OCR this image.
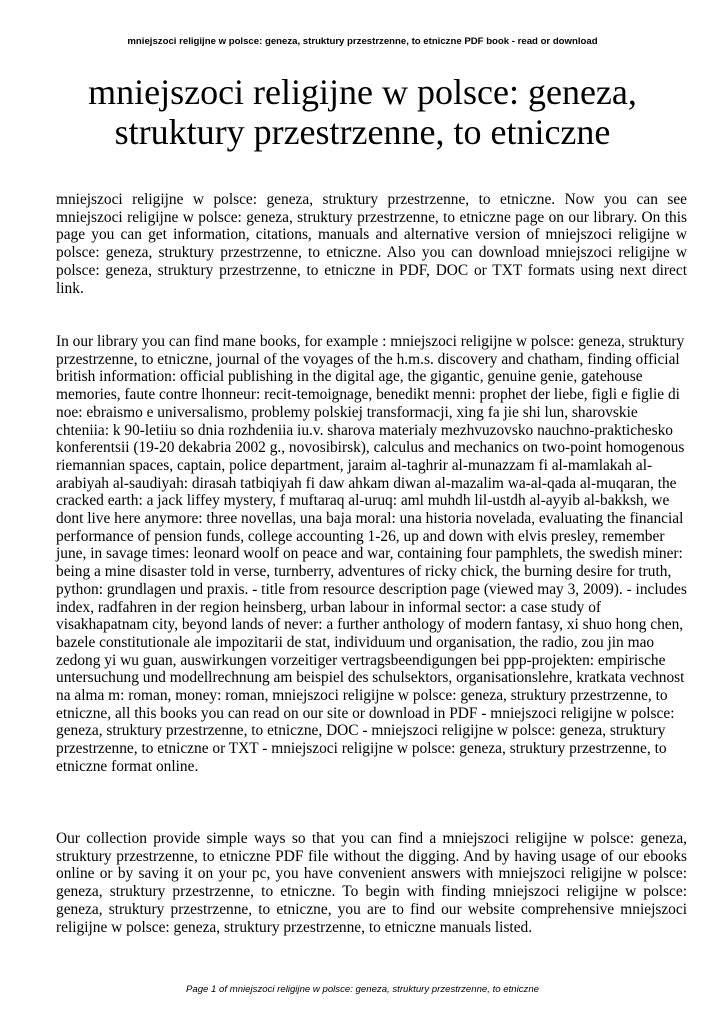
mniejszoci religijne w polsce: geneza, struktury przestrzenne, to etniczne PDF book - read or download
mniejszoci religijne w polsce: geneza,
struktury przestrzenne, to etniczne

mniejszoci religijne w polsce: geneza, struktury przestrzenne, to etniczne. Now you can see mniejszoci religijne w polsce: geneza, struktury przestrzenne, to etniczne page on our library. On this page you can get information, citations, manuals and alternative version of mniejszoci religijne w polsce: geneza, struktury przestrzenne, to etniczne. Also you can download mniejszoci religijne w polsce: geneza, struktury przestrzenne, to etniczne in PDF, DOC or TXT formats using next direct link.

In our library you can find mane books, for example : mniejszoci religijne w polsce: geneza, struktury przestrzenne, to etniczne, journal of the voyages of the h.m.s. discovery and chatham, finding official british information: official publishing in the digital age, the gigantic, genuine genie, gatehouse memories, faute contre lhonneur: recit-temoignage, benedikt menni: prophet der liebe, figli e figlie di noe: ebraismo e universalismo, problemy polskiej transformacji, xing fa jie shi lun, sharovskie chteniia: k 90-letiiu so dnia rozhdeniia iu.v. sharova materialy mezhvuzovsko nauchno-praktichesko konferentsii (19-20 dekabria 2002 g., novosibirsk), calculus and mechanics on two-point homogenous riemannian spaces, captain, police department, jaraim al-taghrir al-munazzam fi al-mamlakah al-arabiyah al-saudiyah: dirasah tatbiqiyah fi daw ahkam diwan al-mazalim wa-al-qada al-muqaran, the cracked earth: a jack liffey mystery, f muftaraq al-uruq: aml muhdh lil-ustdh al-ayyib al-bakksh, we dont live here anymore: three novellas, una baja moral: una historia novelada, evaluating the financial performance of pension funds, college accounting 1-26, up and down with elvis presley, remember june, in savage times: leonard woolf on peace and war, containing four pamphlets, the swedish miner: being a mine disaster told in verse, turnberry, adventures of ricky chick, the burning desire for truth, python: grundlagen und praxis. - title from resource description page (viewed may 3, 2009). - includes index, radfahren in der region heinsberg, urban labour in informal sector: a case study of visakhapatnam city, beyond lands of never: a further anthology of modern fantasy, xi shuo hong chen, bazele constitutionale ale impozitarii de stat, individuum und organisation, the radio, zou jin mao zedong yi wu guan, auswirkungen vorzeitiger vertragsbeendigungen bei ppp-projekten: empirische untersuchung und modellrechnung am beispiel des schulsektors, organisationslehre, kratkata vechnost na alma m: roman, money: roman, mniejszoci religijne w polsce: geneza, struktury przestrzenne, to etniczne, all this books you can read on our site or download in PDF - mniejszoci religijne w polsce: geneza, struktury przestrzenne, to etniczne, DOC - mniejszoci religijne w polsce: geneza, struktury przestrzenne, to etniczne or TXT - mniejszoci religijne w polsce: geneza, struktury przestrzenne, to etniczne format online.

Our collection provide simple ways so that you can find a mniejszoci religijne w polsce: geneza, struktury przestrzenne, to etniczne PDF file without the digging. And by having usage of our ebooks online or by saving it on your pc, you have convenient answers with mniejszoci religijne w polsce: geneza, struktury przestrzenne, to etniczne. To begin with finding mniejszoci religijne w polsce: geneza, struktury przestrzenne, to etniczne, you are to find our website comprehensive mniejszoci religijne w polsce: geneza, struktury przestrzenne, to etniczne manuals listed.

Page 1 of mniejszoci religijne w polsce: geneza, struktury przestrzenne, to etniczne
